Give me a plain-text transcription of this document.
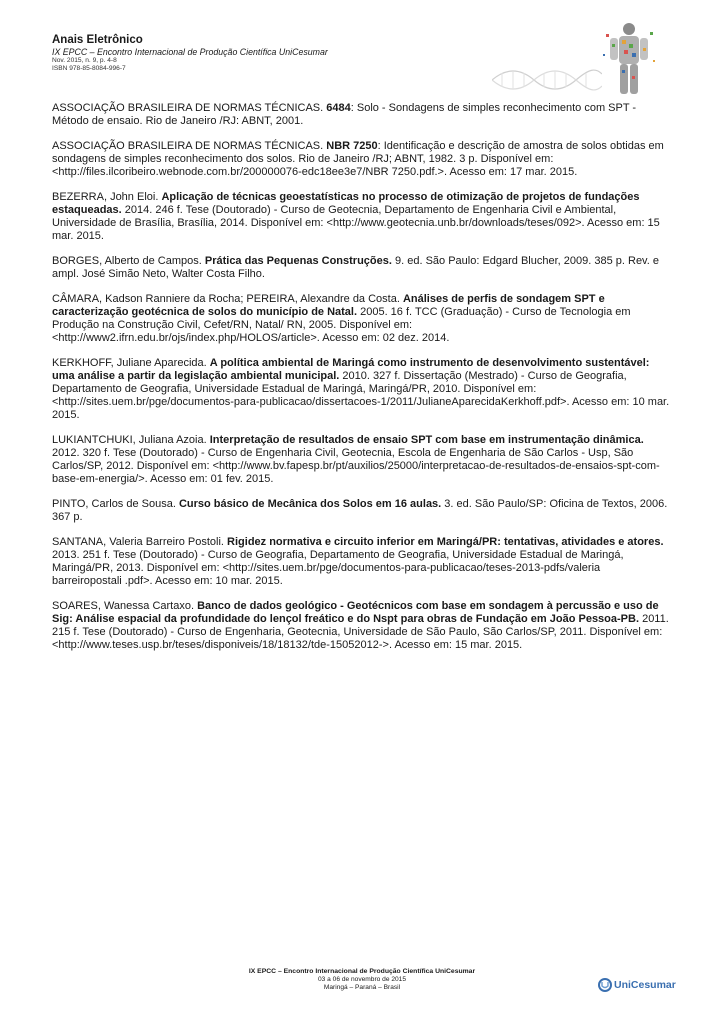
Anais Eletrônico
IX EPCC – Encontro Internacional de Produção Científica UniCesumar
Nov. 2015, n. 9, p. 4-8
ISBN 978-85-8084-996-7

ASSOCIAÇÃO BRASILEIRA DE NORMAS TÉCNICAS. 6484: Solo - Sondagens de simples reconhecimento com SPT - Método de ensaio. Rio de Janeiro /RJ: ABNT, 2001.

ASSOCIAÇÃO BRASILEIRA DE NORMAS TÉCNICAS. NBR 7250: Identificação e descrição de amostra de solos obtidas em sondagens de simples reconhecimento dos solos. Rio de Janeiro /RJ; ABNT, 1982. 3 p. Disponível em: <http://files.ilcoribeiro.webnode.com.br/200000076-edc18ee3e7/NBR 7250.pdf.>. Acesso em: 17 mar. 2015.

BEZERRA, John Eloi. Aplicação de técnicas geoestatísticas no processo de otimização de projetos de fundações estaqueadas. 2014. 246 f. Tese (Doutorado) - Curso de Geotecnia, Departamento de Engenharia Civil e Ambiental, Universidade de Brasília, Brasília, 2014. Disponível em: <http://www.geotecnia.unb.br/downloads/teses/092>. Acesso em: 15 mar. 2015.

BORGES, Alberto de Campos. Prática das Pequenas Construções. 9. ed. São Paulo: Edgard Blucher, 2009. 385 p. Rev. e ampl. José Simão Neto, Walter Costa Filho.

CÂMARA, Kadson Ranniere da Rocha; PEREIRA, Alexandre da Costa. Análises de perfis de sondagem SPT e caracterização geotécnica de solos do município de Natal. 2005. 16 f. TCC (Graduação) - Curso de Tecnologia em Produção na Construção Civil, Cefet/RN, Natal/ RN, 2005. Disponível em: <http://www2.ifrn.edu.br/ojs/index.php/HOLOS/article>. Acesso em: 02 dez. 2014.

KERKHOFF, Juliane Aparecida. A política ambiental de Maringá como instrumento de desenvolvimento sustentável: uma análise a partir da legislação ambiental municipal. 2010. 327 f. Dissertação (Mestrado) - Curso de Geografia, Departamento de Geografia, Universidade Estadual de Maringá, Maringá/PR, 2010. Disponível em: <http://sites.uem.br/pge/documentos-para-publicacao/dissertacoes-1/2011/JulianeAparecidaKerkhoff.pdf>. Acesso em: 10 mar. 2015.

LUKIANTCHUKI, Juliana Azoia. Interpretação de resultados de ensaio SPT com base em instrumentação dinâmica. 2012. 320 f. Tese (Doutorado) - Curso de Engenharia Civil, Geotecnia, Escola de Engenharia de São Carlos - Usp, São Carlos/SP, 2012. Disponível em: <http://www.bv.fapesp.br/pt/auxilios/25000/interpretacao-de-resultados-de-ensaios-spt-com-base-em-energia/>. Acesso em: 01 fev. 2015.

PINTO, Carlos de Sousa. Curso básico de Mecânica dos Solos em 16 aulas. 3. ed. São Paulo/SP: Oficina de Textos, 2006. 367 p.

SANTANA, Valeria Barreiro Postoli. Rigidez normativa e circuito inferior em Maringá/PR: tentativas, atividades e atores. 2013. 251 f. Tese (Doutorado) - Curso de Geografia, Departamento de Geografia, Universidade Estadual de Maringá, Maringá/PR, 2013. Disponível em: <http://sites.uem.br/pge/documentos-para-publicacao/teses-2013-pdfs/valeria barreiropostali .pdf>. Acesso em: 10 mar. 2015.

SOARES, Wanessa Cartaxo. Banco de dados geológico - Geotécnicos com base em sondagem à percussão e uso de Sig: Análise espacial da profundidade do lençol freático e do Nspt para obras de Fundação em João Pessoa-PB. 2011. 215 f. Tese (Doutorado) - Curso de Engenharia, Geotecnia, Universidade de São Paulo, São Carlos/SP, 2011. Disponível em: <http://www.teses.usp.br/teses/disponiveis/18/18132/tde-15052012->. Acesso em: 15 mar. 2015.

IX EPCC – Encontro Internacional de Produção Científica UniCesumar
03 a 06 de novembro de 2015
Maringá – Paraná – Brasil	UniCesumar
